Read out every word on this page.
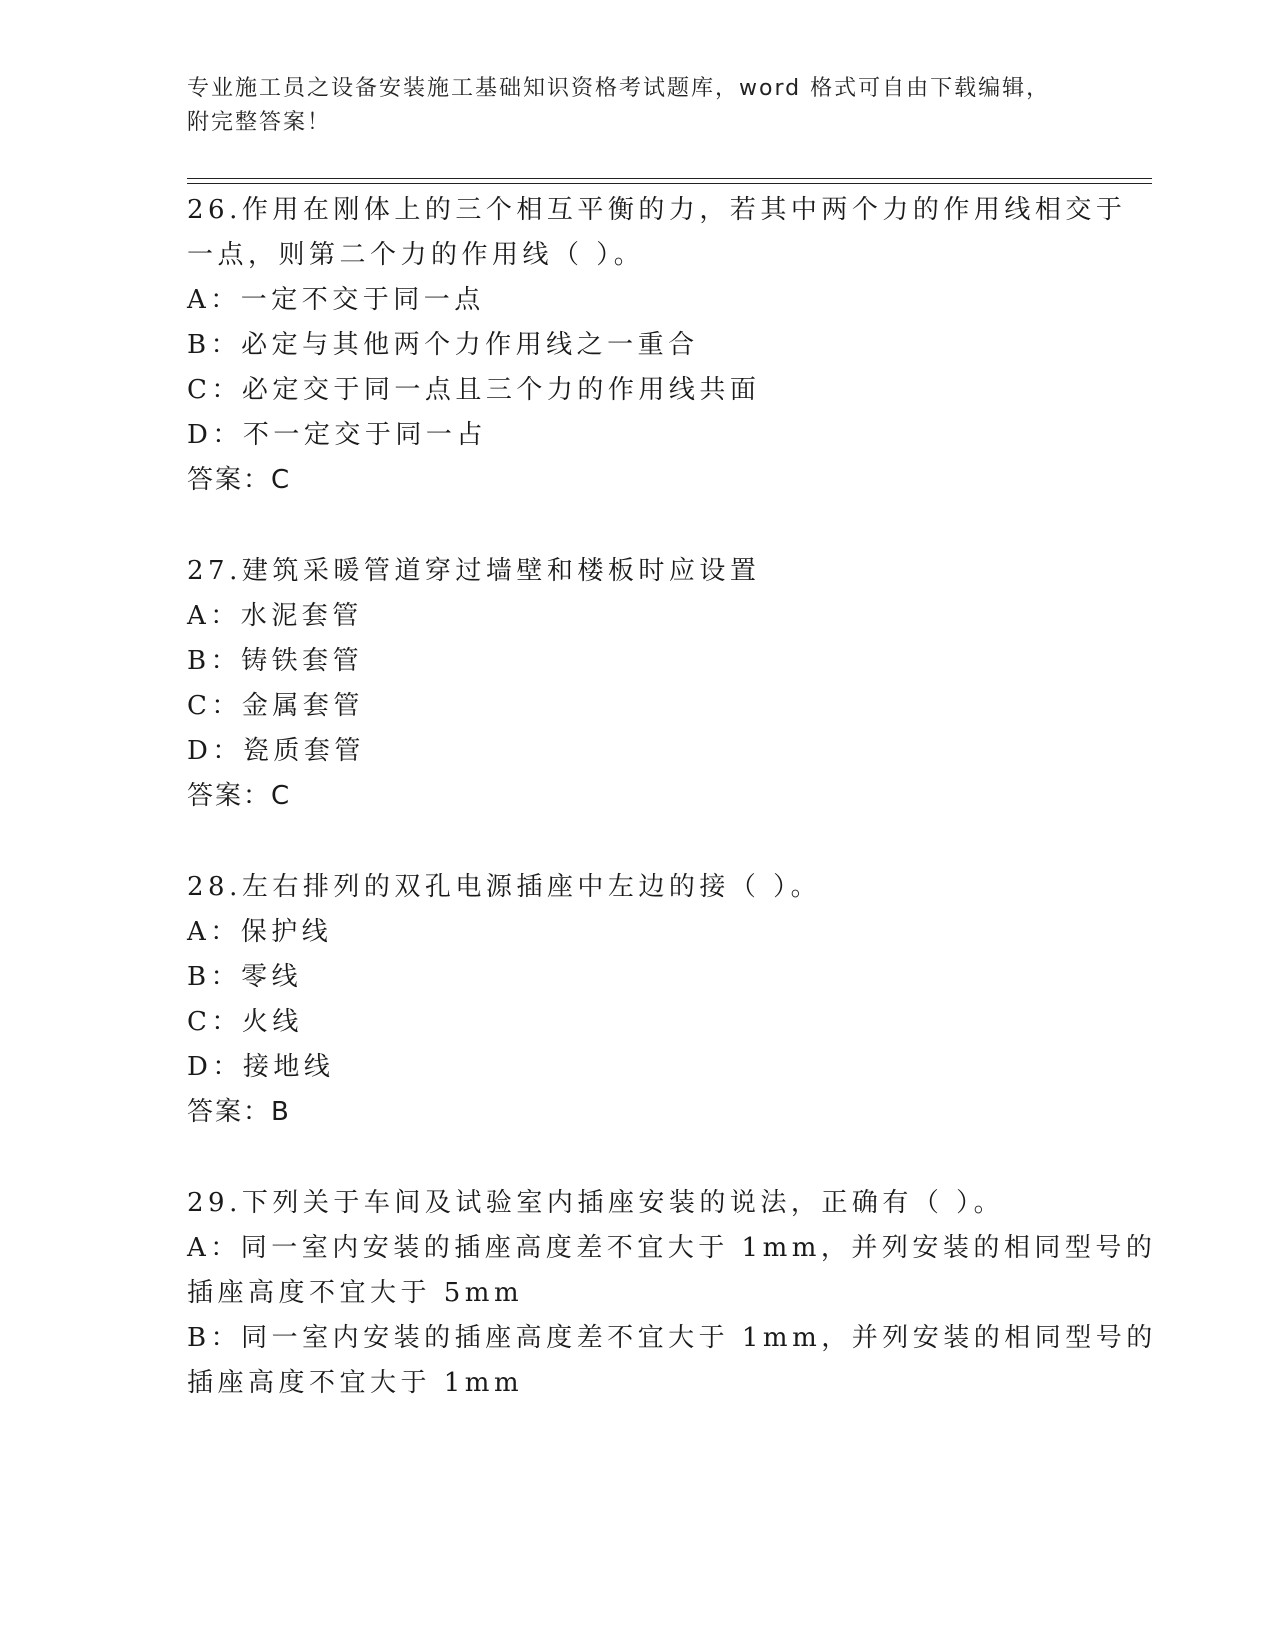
专业施工员之设备安装施工基础知识资格考试题库，word 格式可自由下载编辑，
附完整答案！
26.作用在刚体上的三个相互平衡的力，若其中两个力的作用线相交于
一点，则第二个力的作用线（ ）。
A：一定不交于同一点
B：必定与其他两个力作用线之一重合
C：必定交于同一点且三个力的作用线共面
D：不一定交于同一占
答案：C
27.建筑采暖管道穿过墙壁和楼板时应设置
A：水泥套管
B：铸铁套管
C：金属套管
D：瓷质套管
答案：C
28.左右排列的双孔电源插座中左边的接（ ）。
A：保护线
B：零线
C：火线
D：接地线
答案：B
29.下列关于车间及试验室内插座安装的说法，正确有（ ）。
A：同一室内安装的插座高度差不宜大于 1mm，并列安装的相同型号的
插座高度不宜大于 5mm
B：同一室内安装的插座高度差不宜大于 1mm，并列安装的相同型号的
插座高度不宜大于 1mm
